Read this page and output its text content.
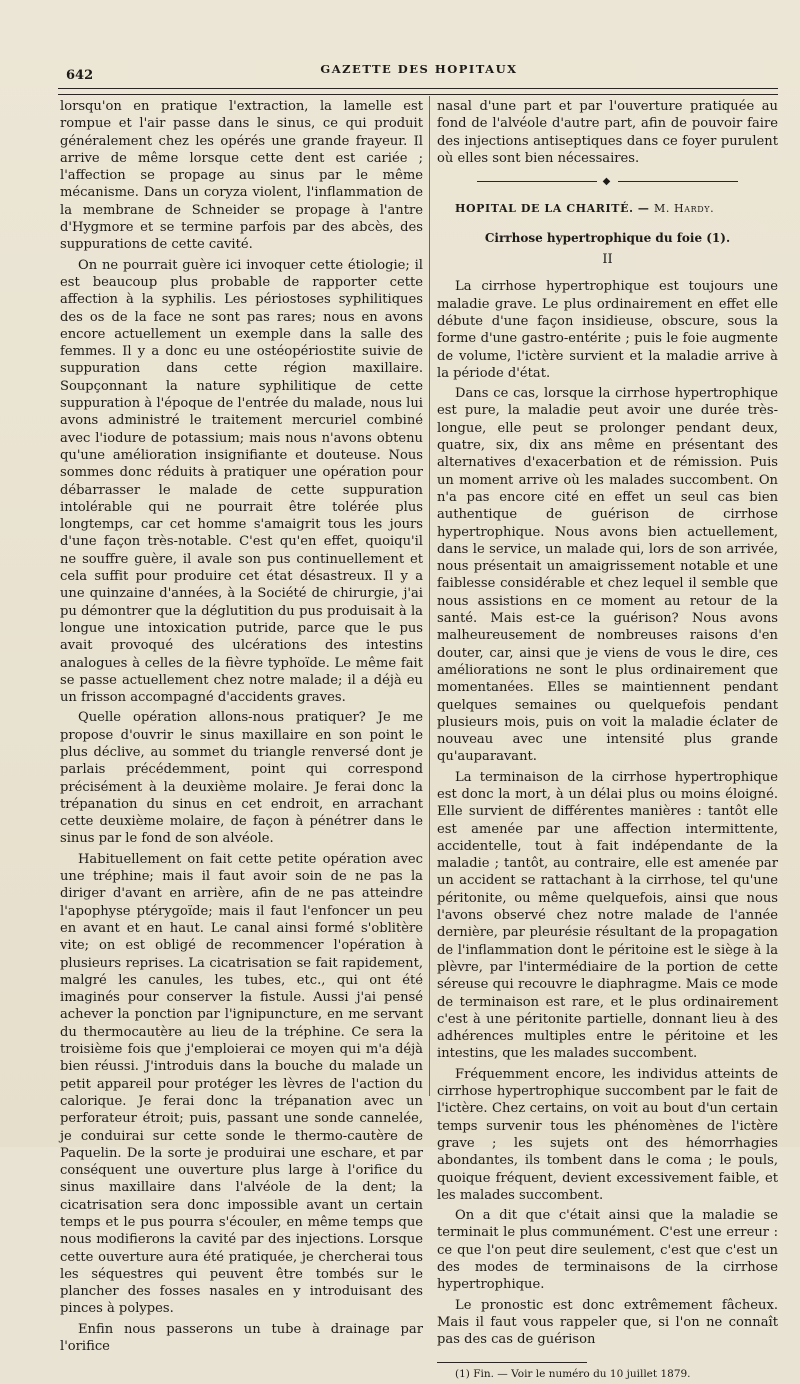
642	GAZETTE DES HOPITAUX

lorsqu'on en pratique l'extraction, la lamelle est rompue et l'air passe dans le sinus, ce qui produit généralement chez les opérés une grande frayeur. Il arrive de même lorsque cette dent est cariée ; l'affection se propage au sinus par le même mécanisme. Dans un coryza violent, l'inflammation de la membrane de Schneider se propage à l'antre d'Hygmore et se termine parfois par des abcès, des suppurations de cette cavité.

On ne pourrait guère ici invoquer cette étiologie; il est beaucoup plus probable de rapporter cette affection à la syphilis. Les périostoses syphilitiques des os de la face ne sont pas rares; nous en avons encore actuellement un exemple dans la salle des femmes. Il y a donc eu une ostéopériostite suivie de suppuration dans cette région maxillaire. Soupçonnant la nature syphilitique de cette suppuration à l'époque de l'entrée du malade, nous lui avons administré le traitement mercuriel combiné avec l'iodure de potassium; mais nous n'avons obtenu qu'une amélioration insignifiante et douteuse. Nous sommes donc réduits à pratiquer une opération pour débarrasser le malade de cette suppuration intolérable qui ne pourrait être tolérée plus longtemps, car cet homme s'amaigrit tous les jours d'une façon très-notable. C'est qu'en effet, quoiqu'il ne souffre guère, il avale son pus continuellement et cela suffit pour produire cet état désastreux. Il y a une quinzaine d'années, à la Société de chirurgie, j'ai pu démontrer que la déglutition du pus produisait à la longue une intoxication putride, parce que le pus avait provoqué des ulcérations des intestins analogues à celles de la fièvre typhoïde. Le même fait se passe actuellement chez notre malade; il a déjà eu un frisson accompagné d'accidents graves.

Quelle opération allons-nous pratiquer? Je me propose d'ouvrir le sinus maxillaire en son point le plus déclive, au sommet du triangle renversé dont je parlais précédemment, point qui correspond précisément à la deuxième molaire. Je ferai donc la trépanation du sinus en cet endroit, en arrachant cette deuxième molaire, de façon à pénétrer dans le sinus par le fond de son alvéole.

Habituellement on fait cette petite opération avec une tréphine; mais il faut avoir soin de ne pas la diriger d'avant en arrière, afin de ne pas atteindre l'apophyse ptérygoïde; mais il faut l'enfoncer un peu en avant et en haut. Le canal ainsi formé s'oblitère vite; on est obligé de recommencer l'opération à plusieurs reprises. La cicatrisation se fait rapidement, malgré les canules, les tubes, etc., qui ont été imaginés pour conserver la fistule. Aussi j'ai pensé achever la ponction par l'ignipuncture, en me servant du thermocautère au lieu de la tréphine. Ce sera la troisième fois que j'emploierai ce moyen qui m'a déjà bien réussi. J'introduis dans la bouche du malade un petit appareil pour protéger les lèvres de l'action du calorique. Je ferai donc la trépanation avec un perforateur étroit; puis, passant une sonde cannelée, je conduirai sur cette sonde le thermo-cautère de Paquelin. De la sorte je produirai une eschare, et par conséquent une ouverture plus large à l'orifice du sinus maxillaire dans l'alvéole de la dent; la cicatrisation sera donc impossible avant un certain temps et le pus pourra s'écouler, en même temps que nous modifierons la cavité par des injections. Lorsque cette ouverture aura été pratiquée, je chercherai tous les séquestres qui peuvent être tombés sur le plancher des fosses nasales en y introduisant des pinces à polypes.

Enfin nous passerons un tube à drainage par l'orifice

nasal d'une part et par l'ouverture pratiquée au fond de l'alvéole d'autre part, afin de pouvoir faire des injections antiseptiques dans ce foyer purulent où elles sont bien nécessaires.

◆
HOPITAL DE LA CHARITÉ. — M. Hardy.
Cirrhose hypertrophique du foie (1).
II

La cirrhose hypertrophique est toujours une maladie grave. Le plus ordinairement en effet elle débute d'une façon insidieuse, obscure, sous la forme d'une gastro-entérite ; puis le foie augmente de volume, l'ictère survient et la maladie arrive à la période d'état.

Dans ce cas, lorsque la cirrhose hypertrophique est pure, la maladie peut avoir une durée très-longue, elle peut se prolonger pendant deux, quatre, six, dix ans même en présentant des alternatives d'exacerbation et de rémission. Puis un moment arrive où les malades succombent. On n'a pas encore cité en effet un seul cas bien authentique de guérison de cirrhose hypertrophique. Nous avons bien actuellement, dans le service, un malade qui, lors de son arrivée, nous présentait un amaigrissement notable et une faiblesse considérable et chez lequel il semble que nous assistions en ce moment au retour de la santé. Mais est-ce la guérison? Nous avons malheureusement de nombreuses raisons d'en douter, car, ainsi que je viens de vous le dire, ces améliorations ne sont le plus ordinairement que momentanées. Elles se maintiennent pendant quelques semaines ou quelquefois pendant plusieurs mois, puis on voit la maladie éclater de nouveau avec une intensité plus grande qu'auparavant.

La terminaison de la cirrhose hypertrophique est donc la mort, à un délai plus ou moins éloigné. Elle survient de différentes manières : tantôt elle est amenée par une affection intermittente, accidentelle, tout à fait indépendante de la maladie ; tantôt, au contraire, elle est amenée par un accident se rattachant à la cirrhose, tel qu'une péritonite, ou même quelquefois, ainsi que nous l'avons observé chez notre malade de l'année dernière, par pleurésie résultant de la propagation de l'inflammation dont le péritoine est le siège à la plèvre, par l'intermédiaire de la portion de cette séreuse qui recouvre le diaphragme. Mais ce mode de terminaison est rare, et le plus ordinairement c'est à une péritonite partielle, donnant lieu à des adhérences multiples entre le péritoine et les intestins, que les malades succombent.

Fréquemment encore, les individus atteints de cirrhose hypertrophique succombent par le fait de l'ictère. Chez certains, on voit au bout d'un certain temps survenir tous les phénomènes de l'ictère grave ; les sujets ont des hémorrhagies abondantes, ils tombent dans le coma ; le pouls, quoique fréquent, devient excessivement faible, et les malades succombent.

On a dit que c'était ainsi que la maladie se terminait le plus communément. C'est une erreur : ce que l'on peut dire seulement, c'est que c'est un des modes de terminaisons de la cirrhose hypertrophique.

Le pronostic est donc extrêmement fâcheux. Mais il faut vous rappeler que, si l'on ne connaît pas des cas de guérison

(1) Fin. — Voir le numéro du 10 juillet 1879.
